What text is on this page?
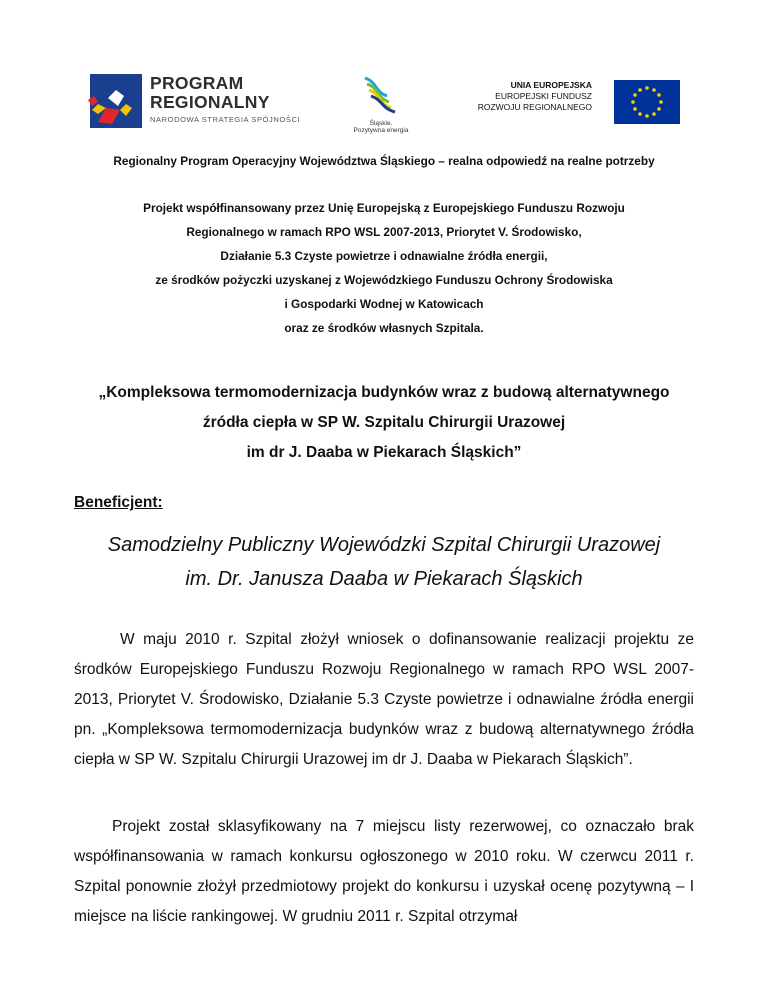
PROGRAM
REGIONALNY
NARODOWA STRATEGIA SPÓJNOŚCI	Śląskie.
Pozytywna energia
UNIA EUROPEJSKA
EUROPEJSKI FUNDUSZ
ROZWOJU REGIONALNEGO
Regionalny Program Operacyjny Województwa Śląskiego – realna odpowiedź na realne potrzeby
Projekt współfinansowany przez Unię Europejską z Europejskiego Funduszu Rozwoju
Regionalnego w ramach RPO WSL 2007-2013, Priorytet V. Środowisko,
Działanie 5.3 Czyste powietrze i odnawialne źródła energii,
ze środków pożyczki uzyskanej z Wojewódzkiego Funduszu Ochrony Środowiska
i Gospodarki Wodnej w Katowicach
oraz ze środków własnych Szpitala.
„Kompleksowa termomodernizacja budynków wraz z budową alternatywnego
źródła ciepła w SP W. Szpitalu Chirurgii Urazowej
im dr J. Daaba w Piekarach Śląskich”
Beneficjent:
Samodzielny Publiczny Wojewódzki Szpital Chirurgii Urazowej
im. Dr. Janusza Daaba w Piekarach Śląskich

W maju 2010 r. Szpital złożył wniosek o dofinansowanie realizacji projektu ze środków Europejskiego Funduszu Rozwoju Regionalnego w ramach RPO WSL 2007-2013, Priorytet V. Środowisko, Działanie 5.3 Czyste powietrze i odnawialne źródła energii pn. „Kompleksowa termomodernizacja budynków wraz z budową alternatywnego źródła ciepła w SP W. Szpitalu Chirurgii Urazowej im dr J. Daaba w Piekarach Śląskich”.

Projekt został sklasyfikowany na 7 miejscu listy rezerwowej, co oznaczało brak współfinansowania w ramach konkursu ogłoszonego w 2010 roku. W czerwcu 2011 r. Szpital ponownie złożył przedmiotowy projekt do konkursu i uzyskał ocenę pozytywną – I miejsce na liście rankingowej. W grudniu 2011 r. Szpital otrzymał
